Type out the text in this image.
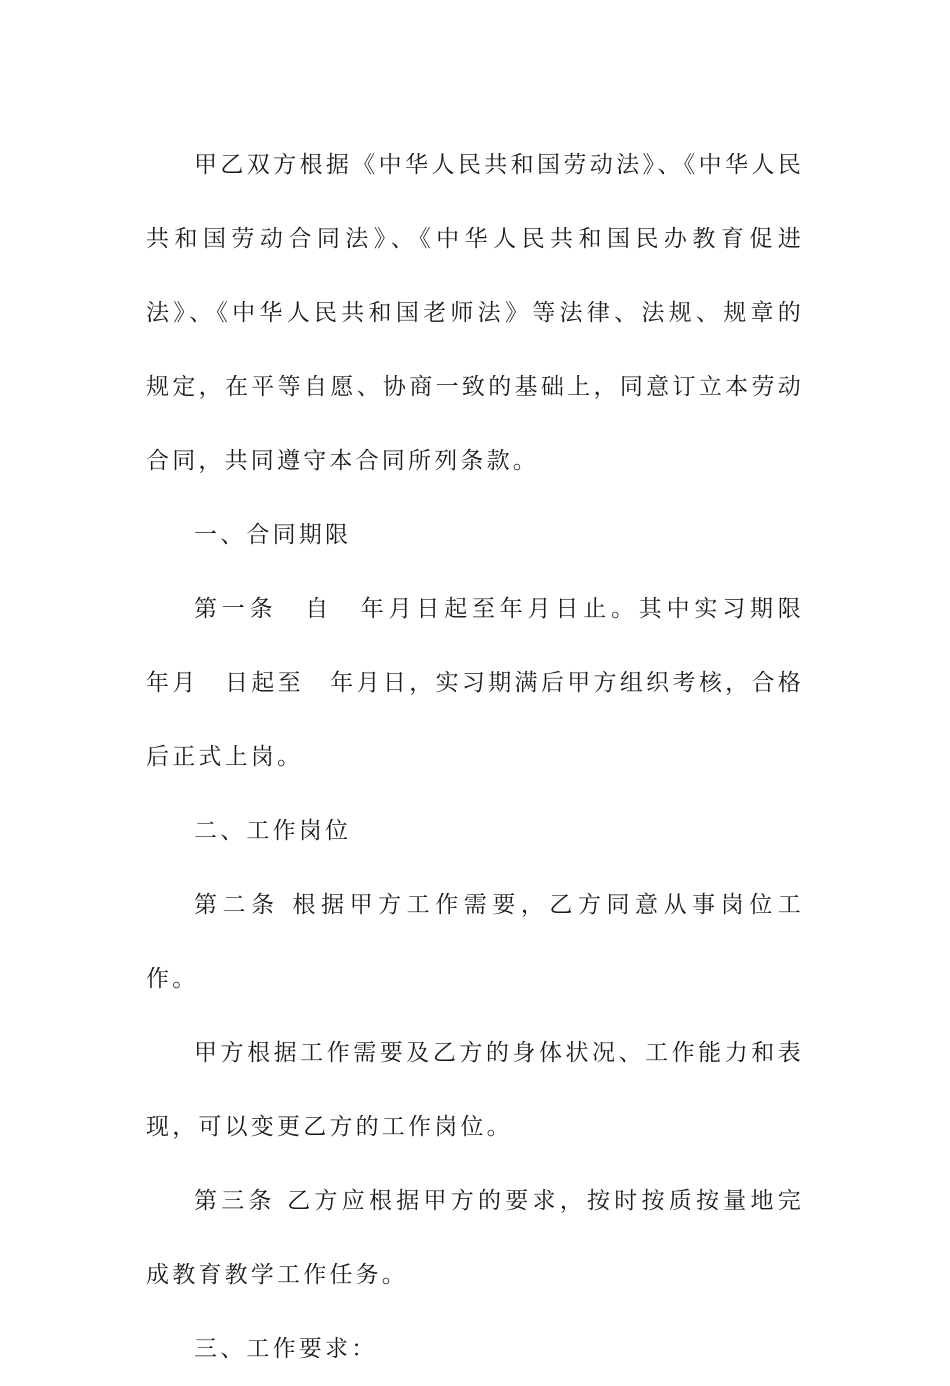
甲乙双方根据《中华人民共和国劳动法》、《中华人民共和国劳动合同法》、《中华人民共和国民办教育促进法》、《中华人民共和国老师法》等法律、法规、规章的规定，在平等自愿、协商一致的基础上，同意订立本劳动合同，共同遵守本合同所列条款。

一、合同期限

第一条　自　年月日起至年月日止。其中实习期限　年月　日起至　年月日，实习期满后甲方组织考核，合格后正式上岗。

二、工作岗位

第二条 根据甲方工作需要，乙方同意从事岗位工作。

甲方根据工作需要及乙方的身体状况、工作能力和表现，可以变更乙方的工作岗位。

第三条 乙方应根据甲方的要求，按时按质按量地完成教育教学工作任务。

三、工作要求：
